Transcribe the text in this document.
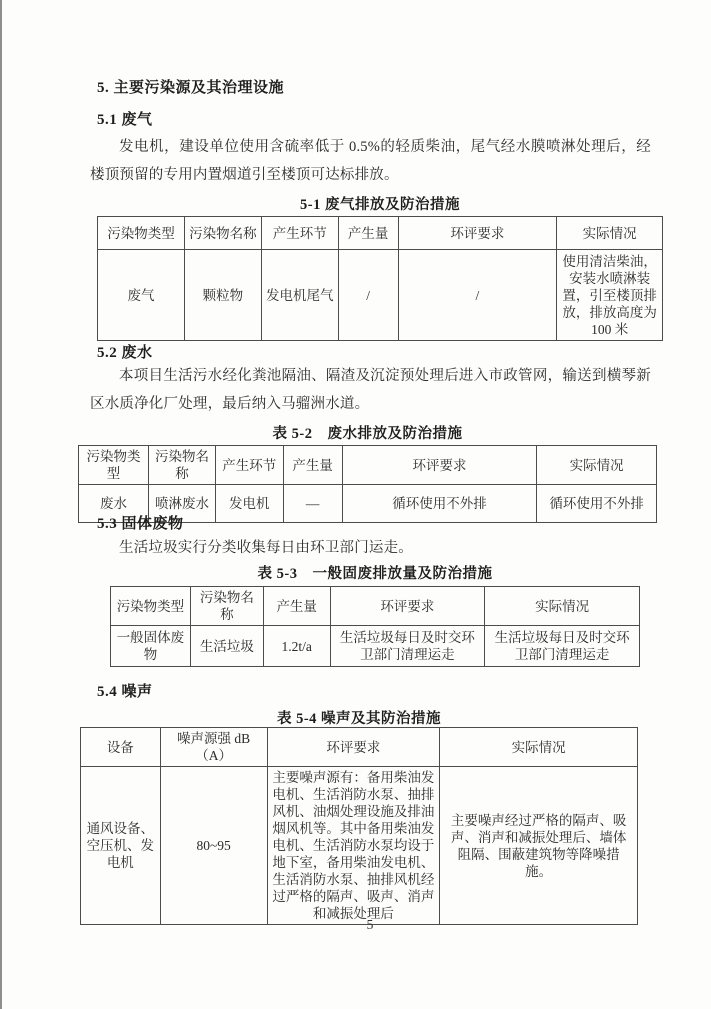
5. 主要污染源及其治理设施
5.1 废气
发电机，建设单位使用含硫率低于 0.5%的轻质柴油，尾气经水膜喷淋处理后，经楼顶预留的专用内置烟道引至楼顶可达标排放。
5-1 废气排放及防治措施
污染物类型	污染物名称	产生环节	产生量	环评要求	实际情况
废气	颗粒物	发电机尾气	/	/	使用清洁柴油，安装水喷淋装置，引至楼顶排放，排放高度为 100 米
5.2 废水
本项目生活污水经化粪池隔油、隔渣及沉淀预处理后进入市政管网，输送到横琴新区水质净化厂处理，最后纳入马骝洲水道。
表 5-2　废水排放及防治措施
污染物类型	污染物名称	产生环节	产生量	环评要求	实际情况
废水	喷淋废水	发电机	—	循环使用不外排	循环使用不外排
5.3 固体废物
生活垃圾实行分类收集每日由环卫部门运走。
表 5-3　一般固废排放量及防治措施
污染物类型	污染物名称	产生量	环评要求	实际情况
一般固体废物	生活垃圾	1.2t/a	生活垃圾每日及时交环卫部门清理运走	生活垃圾每日及时交环卫部门清理运走
5.4 噪声
表 5-4 噪声及其防治措施
设备	噪声源强 dB（A）	环评要求	实际情况
通风设备、空压机、发电机	80~95	主要噪声源有：备用柴油发电机、生活消防水泵、抽排风机、油烟处理设施及排油烟风机等。其中备用柴油发电机、生活消防水泵均设于地下室，备用柴油发电机、生活消防水泵、抽排风机经过严格的隔声、吸声、消声和减振处理后	主要噪声经过严格的隔声、吸声、消声和减振处理后、墙体阻隔、围蔽建筑物等降噪措施。
5
